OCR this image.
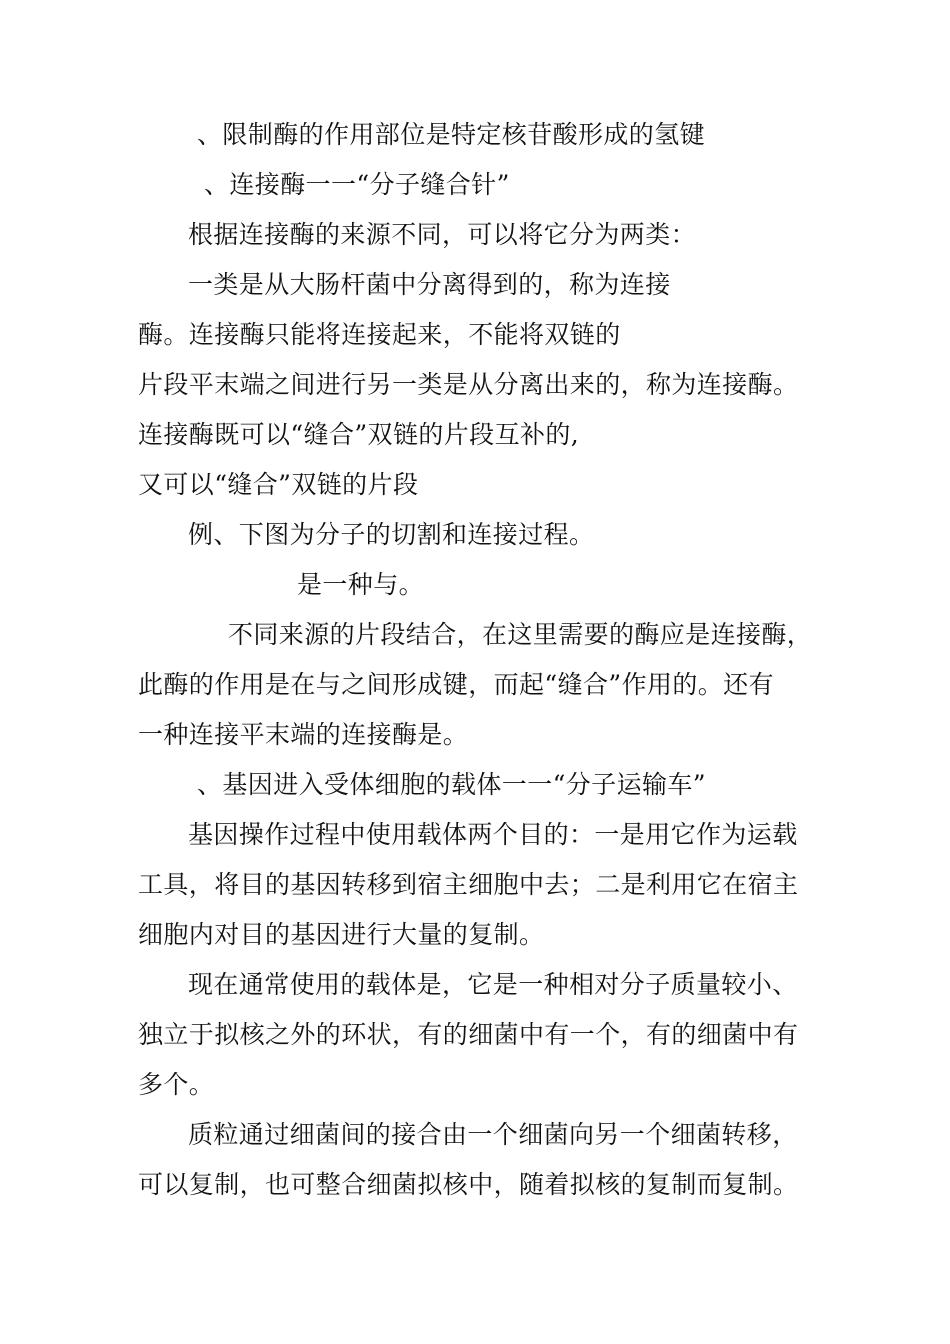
、限制酶的作用部位是特定核苷酸形成的氢键
、连接酶一一“分子缝合针”
根据连接酶的来源不同，可以将它分为两类：
一类是从大肠杆菌中分离得到的，称为连接
酶。连接酶只能将连接起来，不能将双链的
片段平末端之间进行另一类是从分离出来的，称为连接酶。
连接酶既可以“缝合”双链的片段互补的,
又可以“缝合”双链的片段
例、下图为分子的切割和连接过程。
是一种与。
不同来源的片段结合，在这里需要的酶应是连接酶，
此酶的作用是在与之间形成键，而起“缝合”作用的。还有
一种连接平末端的连接酶是。
、基因进入受体细胞的载体一一“分子运输车”
基因操作过程中使用载体两个目的：一是用它作为运载
工具，将目的基因转移到宿主细胞中去；二是利用它在宿主
细胞内对目的基因进行大量的复制。
现在通常使用的载体是，它是一种相对分子质量较小、
独立于拟核之外的环状，有的细菌中有一个，有的细菌中有
多个。
质粒通过细菌间的接合由一个细菌向另一个细菌转移，
可以复制，也可整合细菌拟核中，随着拟核的复制而复制。
